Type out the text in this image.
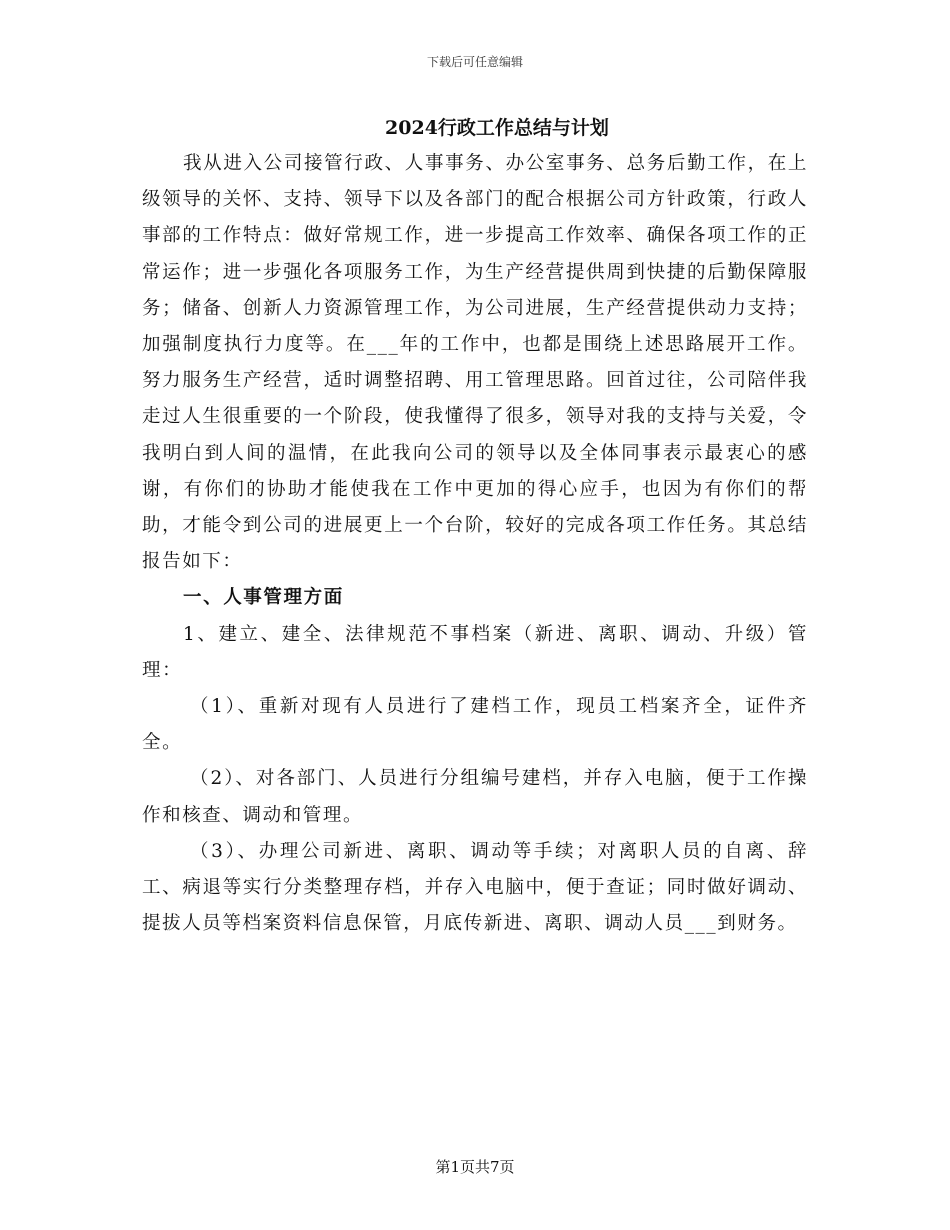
下载后可任意编辑
2024行政工作总结与计划

我从进入公司接管行政、人事事务、办公室事务、总务后勤工作，在上级领导的关怀、支持、领导下以及各部门的配合根据公司方针政策，行政人事部的工作特点：做好常规工作，进一步提高工作效率、确保各项工作的正常运作；进一步强化各项服务工作，为生产经营提供周到快捷的后勤保障服务；储备、创新人力资源管理工作，为公司进展，生产经营提供动力支持；加强制度执行力度等。在___年的工作中，也都是围绕上述思路展开工作。努力服务生产经营，适时调整招聘、用工管理思路。回首过往，公司陪伴我走过人生很重要的一个阶段，使我懂得了很多，领导对我的支持与关爱，令我明白到人间的温情，在此我向公司的领导以及全体同事表示最衷心的感谢，有你们的协助才能使我在工作中更加的得心应手，也因为有你们的帮助，才能令到公司的进展更上一个台阶，较好的完成各项工作任务。其总结报告如下：

一、人事管理方面

1、建立、建全、法律规范不事档案（新进、离职、调动、升级）管理：

（1）、重新对现有人员进行了建档工作，现员工档案齐全，证件齐全。

（2）、对各部门、人员进行分组编号建档，并存入电脑，便于工作操作和核查、调动和管理。

（3）、办理公司新进、离职、调动等手续；对离职人员的自离、辞工、病退等实行分类整理存档，并存入电脑中，便于查证；同时做好调动、提拔人员等档案资料信息保管，月底传新进、离职、调动人员___到财务。

第1页共7页
